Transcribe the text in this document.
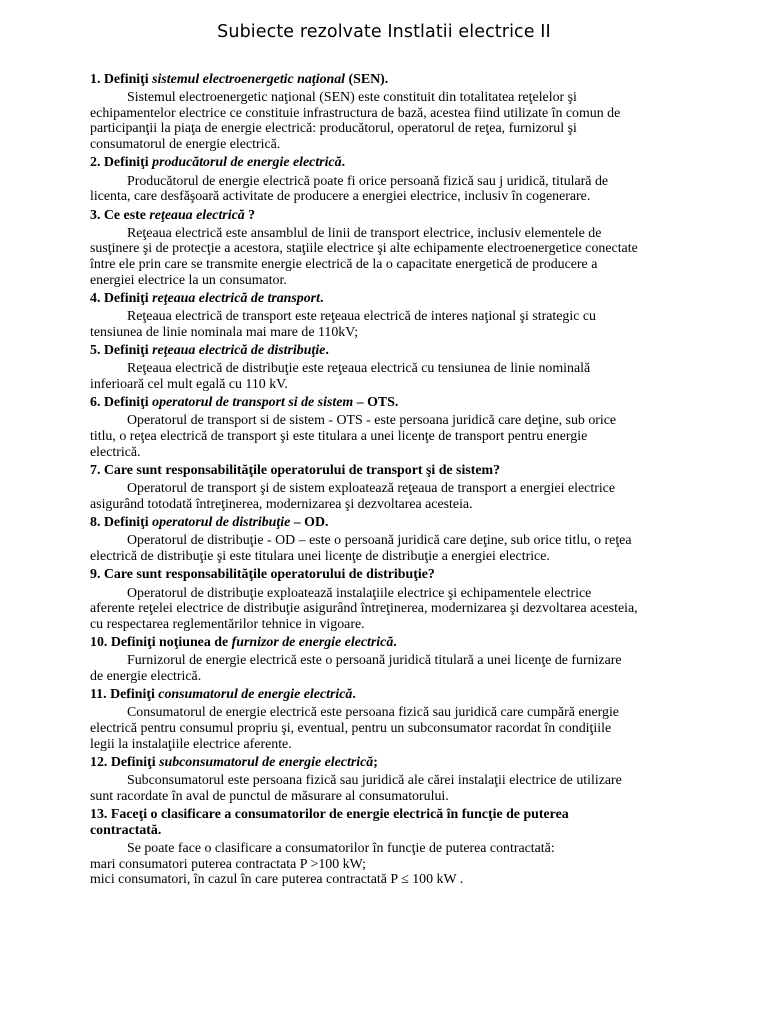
Subiecte rezolvate Instlatii electrice II
1. Definiţi sistemul electroenergetic naţional (SEN).
Sistemul electroenergetic naţional (SEN) este constituit din totalitatea reţelelor şi echipamentelor electrice ce constituie infrastructura de bază, acestea fiind utilizate în comun de participanţii la piaţa de energie electrică: producătorul, operatorul de reţea, furnizorul şi consumatorul de energie electrică.
2. Definiţi producătorul de energie electrică.
Producătorul de energie electrică poate fi orice persoană fizică sau j uridică, titulară de licenta, care desfăşoară activitate de producere a energiei electrice, inclusiv în cogenerare.
3. Ce este reţeaua electrică ?
Reţeaua electrică este ansamblul de linii de transport electrice, inclusiv elementele de susţinere şi de protecţie a acestora, staţiile electrice şi alte echipamente electroenergetice conectate între ele prin care se transmite energie electrică de la o capacitate energetică de producere a energiei electrice la un consumator.
4. Definiţi reţeaua electrică de transport.
Reţeaua electrică de transport este reţeaua electrică de interes naţional şi strategic cu tensiunea de linie nominala mai mare de 110kV;
5. Definiţi reţeaua electrică de distribuţie.
Reţeaua electrică de distribuţie este reţeaua electrică cu tensiunea de linie nominală inferioară cel mult egală cu 110 kV.
6. Definiţi operatorul de transport si de sistem – OTS.
Operatorul de transport si de sistem - OTS - este persoana juridică care deţine, sub orice titlu, o reţea electrică de transport şi este titulara a unei licenţe de transport pentru energie electrică.
7. Care sunt responsabilităţile operatorului de transport şi de sistem?
Operatorul de transport şi de sistem exploatează reţeaua de transport a energiei electrice asigurând totodată întreţinerea, modernizarea şi dezvoltarea acesteia.
8. Definiţi operatorul de distribuţie – OD.
Operatorul de distribuţie - OD – este o persoană juridică care deţine, sub orice titlu, o reţea electrică de distribuţie şi este titulara unei licenţe de distribuţie a energiei electrice.
9. Care sunt responsabilităţile operatorului de distribuţie?
Operatorul de distribuţie exploatează instalaţiile electrice şi echipamentele electrice aferente reţelei electrice de distribuţie asigurând întreţinerea, modernizarea şi dezvoltarea acesteia, cu respectarea reglementărilor tehnice in vigoare.
10. Definiţi noţiunea de furnizor de energie electrică.
Furnizorul de energie electrică este o persoană juridică titulară a unei licenţe de furnizare de energie electrică.
11. Definiţi consumatorul de energie electrică.
Consumatorul de energie electrică este persoana fizică sau juridică care cumpără energie electrică pentru consumul propriu şi, eventual, pentru un subconsumator racordat în condiţiile legii la instalaţiile electrice aferente.
12. Definiţi subconsumatorul de energie electrică;
Subconsumatorul este persoana fizică sau juridică ale cărei instalaţii electrice de utilizare sunt racordate în aval de punctul de măsurare al consumatorului.
13. Faceţi o clasificare a consumatorilor de energie electrică în funcţie de puterea contractată.
Se poate face o clasificare a consumatorilor în funcţie de puterea contractată:
mari consumatori puterea contractata P >100 kW;
mici consumatori, în cazul în care puterea contractată P ≤ 100 kW .
